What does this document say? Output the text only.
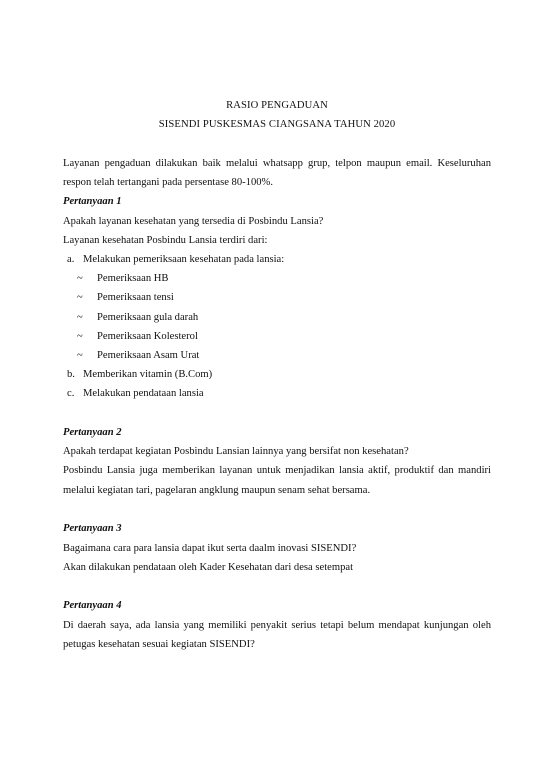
RASIO PENGADUAN

SISENDI PUSKESMAS CIANGSANA TAHUN 2020

Layanan pengaduan dilakukan baik melalui whatsapp grup, telpon maupun email. Keseluruhan respon telah tertangani pada persentase 80-100%.

Pertanyaan 1

Apakah layanan kesehatan yang tersedia di Posbindu Lansia?

Layanan kesehatan Posbindu Lansia terdiri dari:

a. Melakukan pemeriksaan kesehatan pada lansia:
~ Pemeriksaan HB
~ Pemeriksaan tensi
~ Pemeriksaan gula darah
~ Pemeriksaan Kolesterol
~ Pemeriksaan Asam Urat
b. Memberikan vitamin (B.Com)
c. Melakukan pendataan lansia

Pertanyaan 2

Apakah terdapat kegiatan Posbindu Lansian lainnya yang bersifat non kesehatan?

Posbindu Lansia juga memberikan layanan untuk menjadikan lansia aktif, produktif dan mandiri melalui kegiatan tari, pagelaran angklung maupun senam sehat bersama.

Pertanyaan 3

Bagaimana cara para lansia dapat ikut serta daalm inovasi SISENDI?

Akan dilakukan pendataan oleh Kader Kesehatan dari desa setempat

Pertanyaan 4

Di daerah saya, ada lansia yang memiliki penyakit serius tetapi belum mendapat kunjungan oleh petugas kesehatan sesuai kegiatan SISENDI?
